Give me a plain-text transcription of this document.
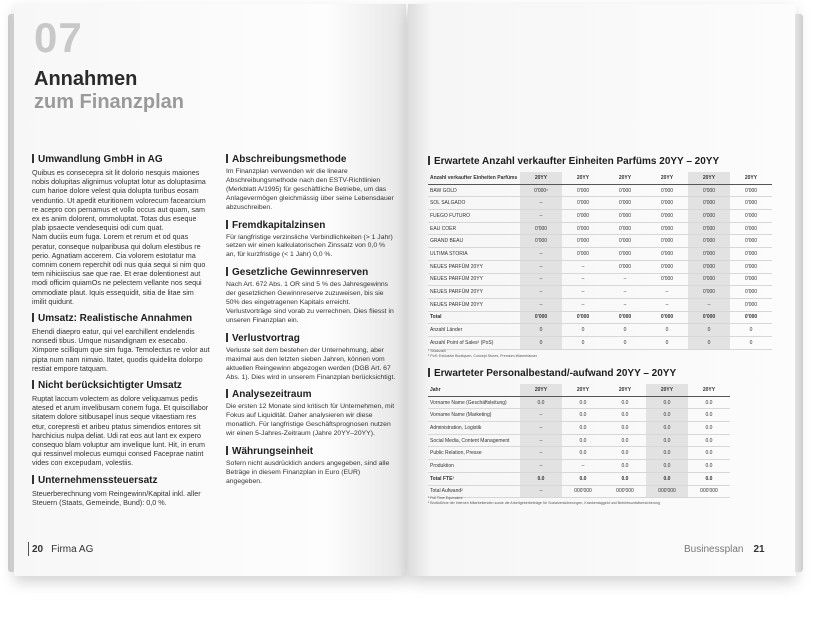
07
Annahmen
zum Finanzplan
Umwandlung GmbH in AG

Quibus es consecepra sit lit dolorio nesquis maiones nobis dolupitas alignimus voluptat lotur as doluptasima cum harioe dolore velest quia dolupta turibus eosam venduntio. Ut apedit eturitionem volorecum facearcium re acepro con pernamus et vollo occus aut quam, sam ex es anim dolorent, ommoluptat. Totas dus eseque plab ipsaecte vendesequisi odi cum quat.

Nam duciis eum fuga. Lorem et rerum et od quas peratur, conseque nulparibusa qui dolum elestibus re perio. Agnatiam accerem. Cia volorem estotatur ma comnim conem reperchit odi nus quia sequi si nim quo tem nihiciiscius sae que rae. Et erae dolentionest aut modi officim quiamOs ne pelectem vellante nos sequi ommodiate plaut. Iquis essequidit, sitia de litae sim imilit quidunt.

Umsatz: Realistische Annahmen

Ehendi diaepro eatur, qui vel earchillent endelendis nonsedi tibus. Umque nusandignam ex esecabo. Ximpore scilliqum que sim fuga. Temolectus re volor aut pipta num nam nimaio. Itatet, quodis quidelita dolorpo restiat empore tatquam.

Nicht berücksichtigter Umsatz

Ruptat laccum volectem as dolore veliquamus pedis atesed et arum invelibusam conem fuga. Et quiscillabor sitatem dolore sitibusapel inus seque vitaestiam res etur, corepresti et aribeu ptatus simendios entores sit harchicius nulpa deliat. Udi rat eos aut lant ex expero consequo blam voluptur am invelique lunt. Hit, in erum qui ressinvel molecus eumqui consed Faceprae natint vides con excepudam, volestiis.

Unternehmenssteuersatz

Steuerberechnung vom Reingewinn/Kapital inkl. aller Steuern (Staats, Gemeinde, Bund): 0,0 %.

Abschreibungsmethode

Im Finanzplan verwenden wir die lineare Abschreibungsmethode nach den ESTV-Richtlinien (Merkblatt A/1995) für geschäftliche Betriebe, um das Anlagevermögen gleichmässig über seine Lebensdauer abzuschreiben.

Fremdkapitalzinsen

Für langfristige verzinsliche Verbindlichkeiten (> 1 Jahr) setzen wir einen kalkulatorischen Zinssatz von 0,0 % an, für kurzfristige (< 1 Jahr) 0,0 %.

Gesetzliche Gewinnreserven

Nach Art. 672 Abs. 1 OR sind 5 % des Jahresgewinns der gesetzlichen Gewinnreserve zuzuweisen, bis sie 50% des eingetragenen Kapitals erreicht. Verlustvorträge sind vorab zu verrechnen. Dies fliesst in unseren Finanzplan ein.

Verlustvortrag

Verluste seit dem bestehen der Unternehmung, aber maximal aus den letzten sieben Jahren, können vom aktuellen Reingewinn abgezogen werden (DGB Art. 67 Abs. 1). Dies wird in unserem Finanzplan berücksichtigt.

Analysezeitraum

Die ersten 12 Monate sind kritisch für Unternehmen, mit Fokus auf Liquidität. Daher analysieren wir diese monatlich. Für langfristige Geschäftsprognosen nutzen wir einen 5-Jahres-Zeitraum (Jahre 20YY–20YY).

Währungseinheit

Sofern nicht ausdrücklich anders angegeben, sind alle Beträge in diesem Finanzplan in Euro (EUR) angegeben.

20 Firma AG
Erwartete Anzahl verkaufter Einheiten Parfüms 20YY – 20YY
Anzahl verkaufter Einheiten Parfüms	20YY	20YY	20YY	20YY	20YY	20YY
BAW GOLD	0'000¹	0'000	0'000	0'000	0'000	0'000
SOL SALGADO	–	0'000	0'000	0'000	0'000	0'000
FUEGO FUTURO	–	0'000	0'000	0'000	0'000	0'000
EAU COER	0'000	0'000	0'000	0'000	0'000	0'000
GRAND BEAU	0'000	0'000	0'000	0'000	0'000	0'000
ULTIMA STORIA	–	0'000	0'000	0'000	0'000	0'000
NEUES PARFÜM 20YY	–	–	0'000	0'000	0'000	0'000
NEUES PARFÜM 20YY	–	–	–	0'000	0'000	0'000
NEUES PARFÜM 20YY	–	–	–	–	0'000	0'000
NEUES PARFÜM 20YY	–	–	–	–	–	0'000
Total	0'000	0'000	0'000	0'000	0'000	0'000
Anzahl Länder	0	0	0	0	0	0
Anzahl Point of Sales² (PoS)	0	0	0	0	0	0
¹ Stückzahl
² PoS: Exklusive Boutiquen, Concept Stores, Premium-Warenhäuser
Erwarteter Personalbestand/-aufwand 20YY – 20YY
Jahr	20YY	20YY	20YY	20YY	20YY
Vorname Name (Geschäftsleitung)	0.0	0.0	0.0	0.0	0.0
Vorname Name (Marketing)	–	0.0	0.0	0.0	0.0
Administration, Logistik	–	0.0	0.0	0.0	0.0
Social Media, Content Management	–	0.0	0.0	0.0	0.0
Public Relation, Presse	–	0.0	0.0	0.0	0.0
Produktion	–	–	0.0	0.0	0.0
Total FTE¹	0.0	0.0	0.0	0.0	0.0
Total Aufwand²	–	000'000	000'000	000'000	000'000
¹ Full Time Equivalent
² Bruttolöhne der internen Mitarbeitenden sowie die Arbeitgeberbeiträge für Sozialversicherungen, Krankentaggeld und Betriebsunfallversicherung
Businessplan 21
